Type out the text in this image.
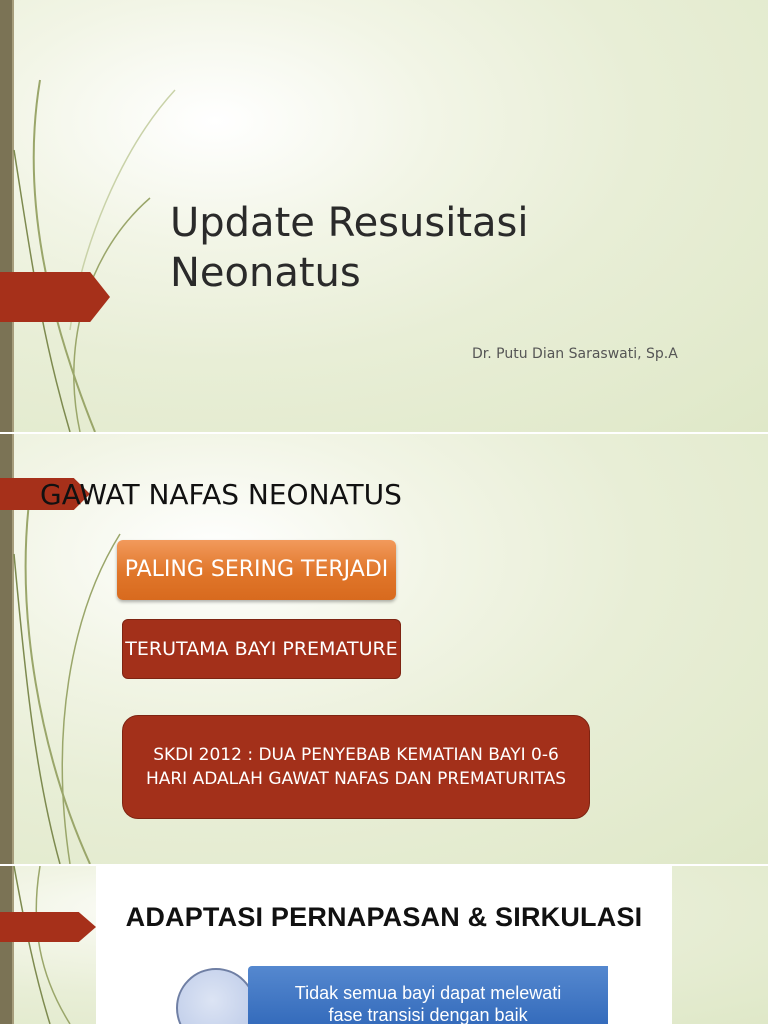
Update Resusitasi
Neonatus
Dr. Putu Dian Saraswati, Sp.A
GAWAT NAFAS NEONATUS
PALING SERING TERJADI
TERUTAMA BAYI PREMATURE
SKDI 2012 : DUA PENYEBAB KEMATIAN BAYI 0-6 HARI ADALAH GAWAT NAFAS DAN PREMATURITAS
ADAPTASI PERNAPASAN & SIRKULASI
Tidak semua bayi dapat melewati
fase transisi dengan baik
